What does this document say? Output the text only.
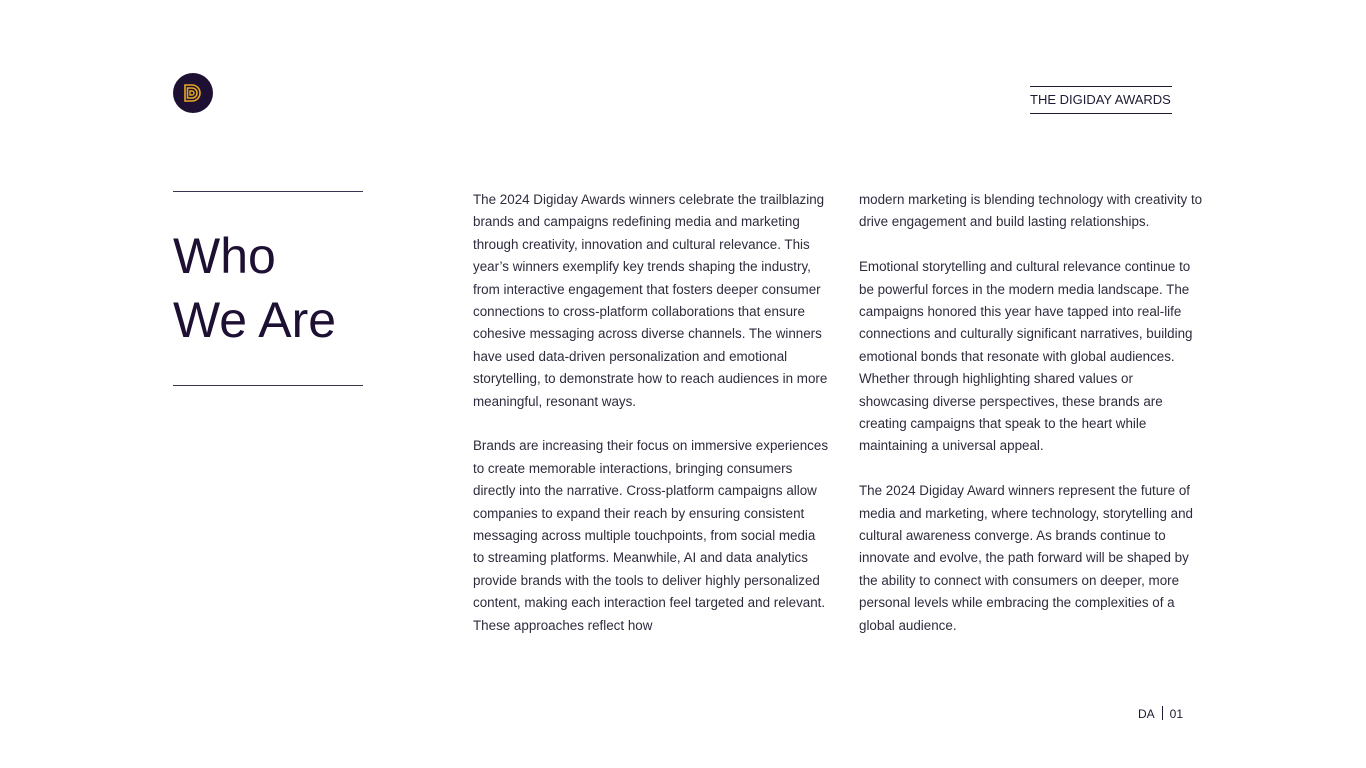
THE DIGIDAY AWARDS
Who
We Are

The 2024 Digiday Awards winners celebrate the trailblazing brands and campaigns redefining media and marketing through creativity, innovation and cultural relevance. This year’s winners exemplify key trends shaping the industry, from interactive engagement that fosters deeper consumer connections to cross-platform collaborations that ensure cohesive messaging across diverse channels. The winners have used data-driven personalization and emotional storytelling, to demonstrate how to reach audiences in more meaningful, resonant ways.

Brands are increasing their focus on immersive experiences to create memorable interactions, bringing consumers directly into the narrative. Cross-platform campaigns allow companies to expand their reach by ensuring consistent messaging across multiple touchpoints, from social media to streaming platforms. Meanwhile, AI and data analytics provide brands with the tools to deliver highly personalized content, making each interaction feel targeted and relevant. These approaches reflect how

modern marketing is blending technology with creativity to drive engagement and build lasting relationships.

Emotional storytelling and cultural relevance continue to be powerful forces in the modern media landscape. The campaigns honored this year have tapped into real-life connections and culturally significant narratives, building emotional bonds that resonate with global audiences. Whether through highlighting shared values or showcasing diverse perspectives, these brands are creating campaigns that speak to the heart while maintaining a universal appeal.

The 2024 Digiday Award winners represent the future of media and marketing, where technology, storytelling and cultural awareness converge. As brands continue to innovate and evolve, the path forward will be shaped by the ability to connect with consumers on deeper, more personal levels while embracing the complexities of a global audience.

DA 01
